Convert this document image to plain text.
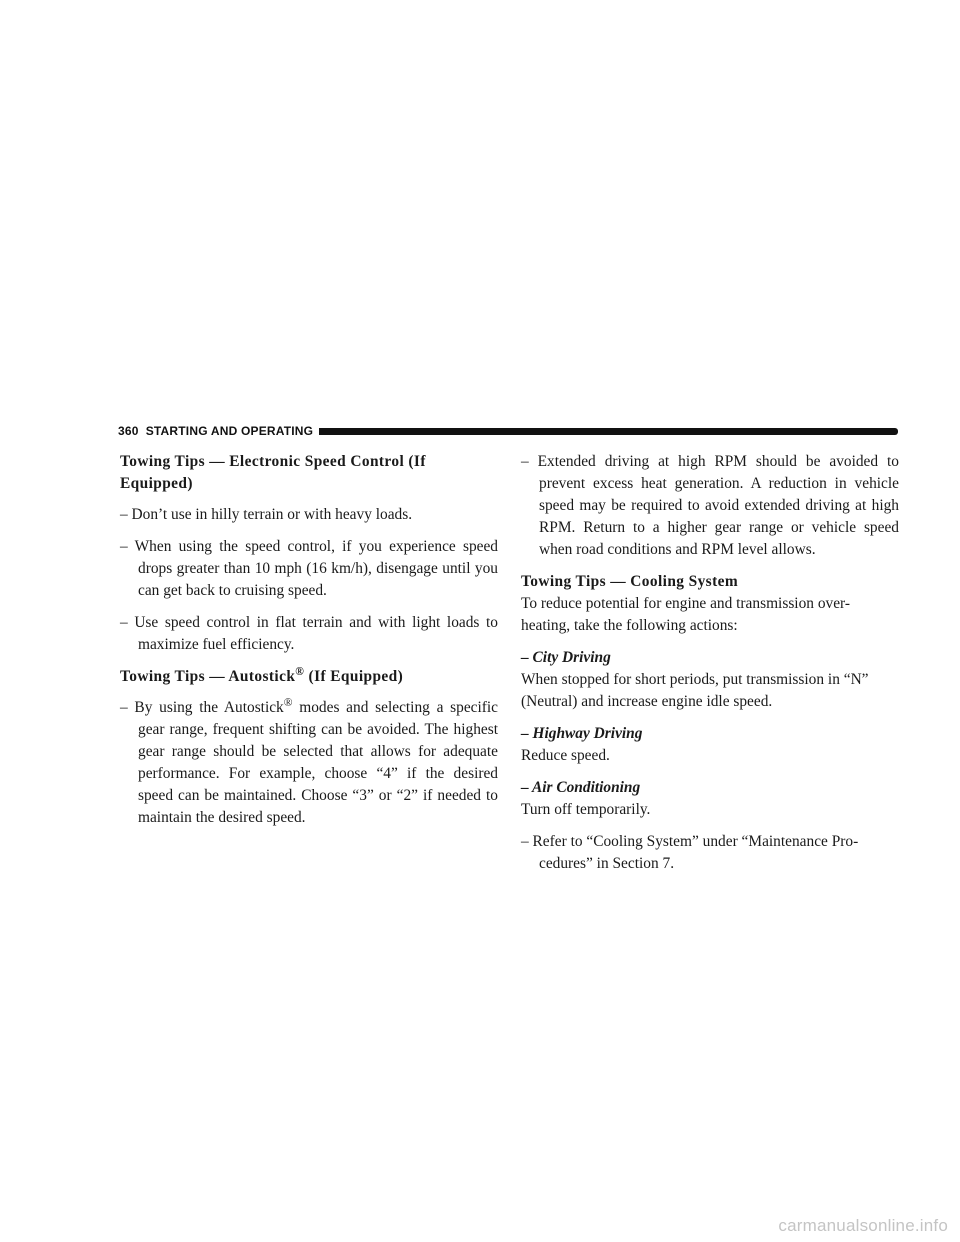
360 STARTING AND OPERATING
Towing Tips — Electronic Speed Control (If
Equipped)
– Don’t use in hilly terrain or with heavy loads.
– When using the speed control, if you experience speed drops greater than 10 mph (16 km/h), disengage until you can get back to cruising speed.
– Use speed control in flat terrain and with light loads to maximize fuel efficiency.
Towing Tips — Autostick® (If Equipped)
– By using the Autostick® modes and selecting a specific gear range, frequent shifting can be avoided. The highest gear range should be selected that allows for adequate performance. For example, choose “4” if the desired speed can be maintained. Choose “3” or “2” if needed to maintain the desired speed.
– Extended driving at high RPM should be avoided to prevent excess heat generation. A reduction in vehicle speed may be required to avoid extended driving at high RPM. Return to a higher gear range or vehicle speed when road conditions and RPM level allows.
Towing Tips — Cooling System
To reduce potential for engine and transmission over-
heating, take the following actions:
– City Driving
When stopped for short periods, put transmission in “N” (Neutral) and increase engine idle speed.
– Highway Driving
Reduce speed.
– Air Conditioning
Turn off temporarily.
– Refer to “Cooling System” under “Maintenance Pro-
cedures” in Section 7.
carmanualsonline.info
